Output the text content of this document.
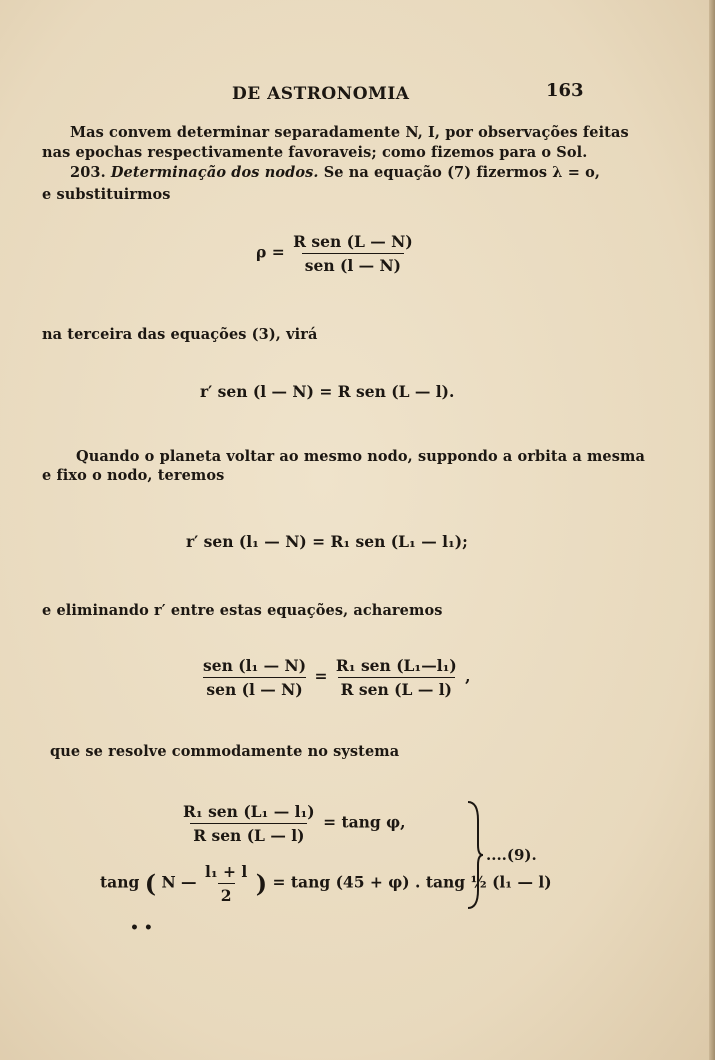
DE ASTRONOMIA	163
Mas convem determinar separadamente N, I, por observações feitas
nas epochas respectivamente favoraveis; como fizemos para o Sol.
203. Determinação dos nodos. Se na equação (7) fizermos λ = o,
e substituirmos
$\rho = \frac{\text{R sen (L — N)}}{\text{sen (l — N)}}$
na terceira das equações (3), virá
r′ sen (l — N) = R sen (L — l).
Quando o planeta voltar ao mesmo nodo, suppondo a orbita a mesma
e fixo o nodo, teremos
r′ sen (l₁ — N) = R₁ sen (L₁ — l₁);
e eliminando r′ entre estas equações, acharemos
$\frac{\text{sen (l₁ — N)}}{\text{sen (l — N)}} = \frac{\text{R₁ sen (L₁—l₁)}}{\text{R sen (L — l)}}$ ,
que se resolve commodamente no systema
$\frac{\text{R₁ sen (L₁ — l₁)}}{\text{R sen (L — l)}} = \tan g$ φ,
tang ( N — $\frac{\text{l₁ + l}}{2}$ ) = tang (45 + φ) . tang ½ (l₁ — l)
....(9).
• •
